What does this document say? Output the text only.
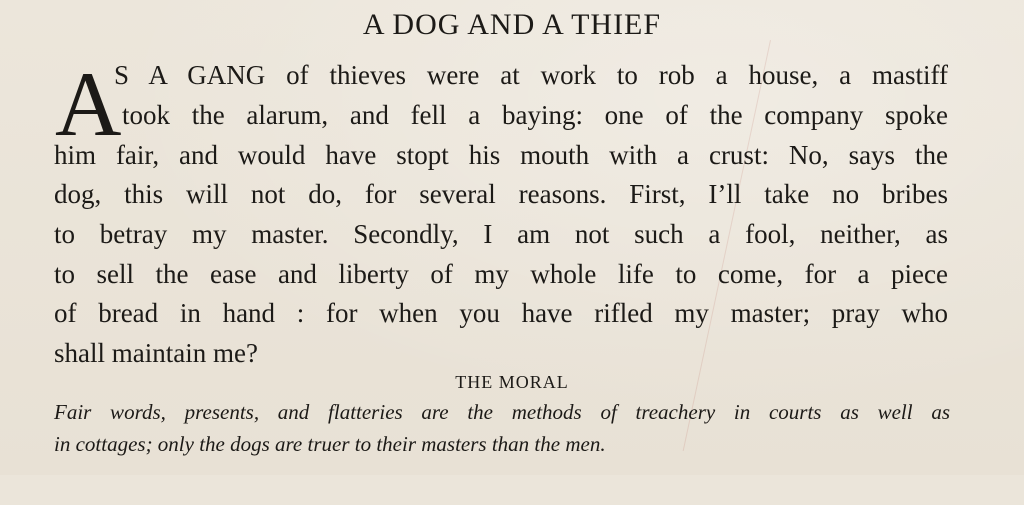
A DOG AND A THIEF
A
S A GANG of thieves were at work to rob a house, a mastiff
took the alarum, and fell a baying: one of the company spoke
him fair, and would have stopt his mouth with a crust: No, says the
dog, this will not do, for several reasons. First, I’ll take no bribes
to betray my master. Secondly, I am not such a fool, neither, as
to sell the ease and liberty of my whole life to come, for a piece
of bread in hand : for when you have rifled my master; pray who
shall maintain me?
THE MORAL
Fair words, presents, and flatteries are the methods of treachery in courts as well as
in cottages; only the dogs are truer to their masters than the men.
